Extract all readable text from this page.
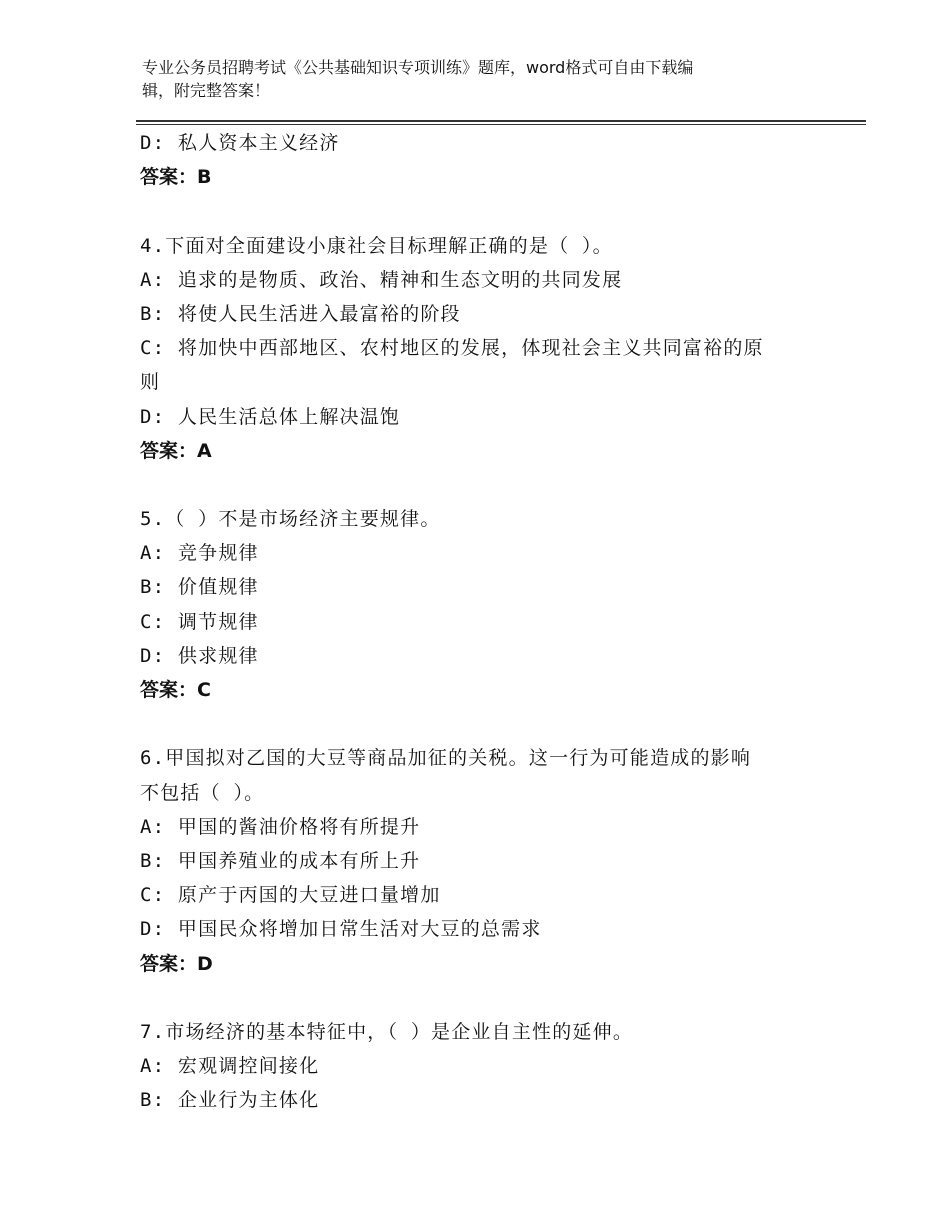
专业公务员招聘考试《公共基础知识专项训练》题库，word格式可自由下载编
辑，附完整答案！
D: 私人资本主义经济
答案：B
4.下面对全面建设小康社会目标理解正确的是（ ）。
A: 追求的是物质、政治、精神和生态文明的共同发展
B: 将使人民生活进入最富裕的阶段
C: 将加快中西部地区、农村地区的发展，体现社会主义共同富裕的原
则
D: 人民生活总体上解决温饱
答案：A
5.（ ）不是市场经济主要规律。
A: 竞争规律
B: 价值规律
C: 调节规律
D: 供求规律
答案：C
6.甲国拟对乙国的大豆等商品加征的关税。这一行为可能造成的影响
不包括（ ）。
A: 甲国的酱油价格将有所提升
B: 甲国养殖业的成本有所上升
C: 原产于丙国的大豆进口量增加
D: 甲国民众将增加日常生活对大豆的总需求
答案：D
7.市场经济的基本特征中，（ ）是企业自主性的延伸。
A: 宏观调控间接化
B: 企业行为主体化
